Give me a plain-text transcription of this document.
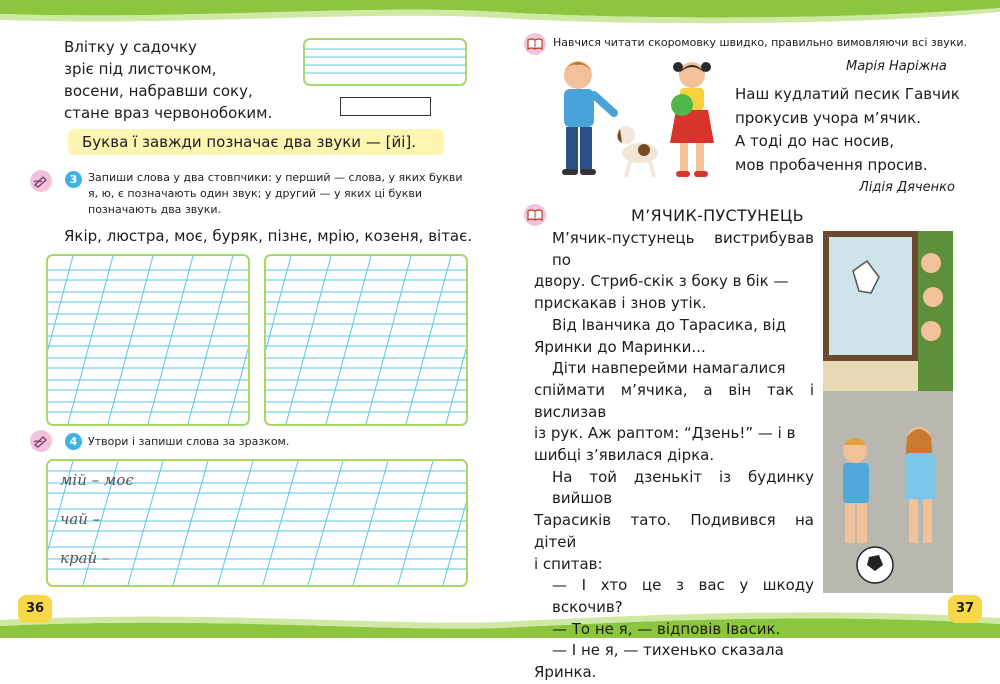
36	37
Влітку у садочку
зріє під листочком,
восени, набравши соку,
стане враз червонобоким.
Буква ї завжди позначає два звуки — [йі].
3 Запиши слова у два стовпчики: у перший — слова, у яких букви я, ю, є позначають один звук; у другий — у яких ці букви позначають два звуки.
Якір, люстра, моє, буряк, пізнє, мрію, козеня, вітає.
4 Утвори і запиши слова за зразком.
мій – моє
чай –
край –
Навчися читати скоромовку швидко, правильно вимовляючи всі звуки.
Марія Наріжна
Наш кудлатий песик Гавчик
прокусив учора м’ячик.
А тоді до нас носив,
мов пробачення просив.
Лідія Дяченко
М’ЯЧИК-ПУСТУНЕЦЬ
М’ячик-пустунець вистрибував по
двору. Стриб-скік з боку в бік —
прискакав і знов утік.
Від Іванчика до Тарасика, від
Яринки до Маринки...
Діти навперейми намагалися
спіймати м’ячика, а він так і вислизав
із рук. Аж раптом: “Дзень!” — і в
шибці з’явилася дірка.
На той дзенькіт із будинку вийшов
Тарасиків тато. Подивився на дітей
і спитав:
— І хто це з вас у шкоду вскочив?
— То не я, — відповів Івасик.
— І не я, — тихенько сказала
Яринка.
